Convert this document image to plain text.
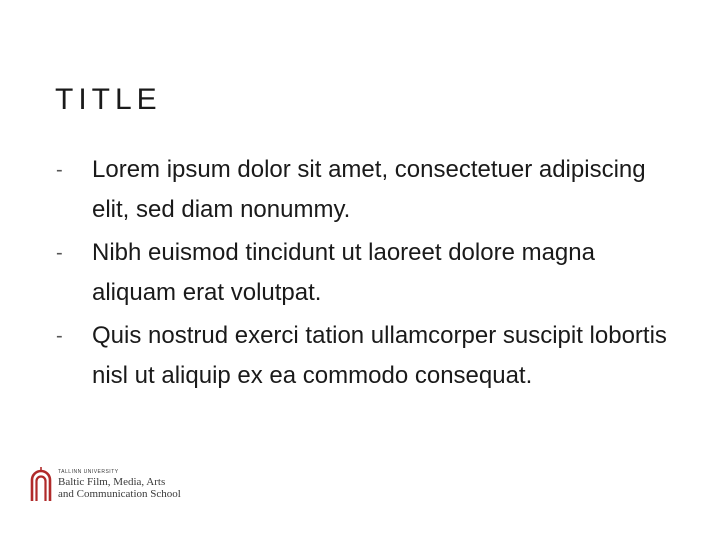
TITLE
-	Lorem ipsum dolor sit amet, consectetuer adipiscing elit, sed diam nonummy.
-	Nibh euismod tincidunt ut laoreet dolore magna aliquam erat volutpat.
-	Quis nostrud exerci tation ullamcorper suscipit lobortis nisl ut aliquip ex ea commodo consequat.
TALLINN UNIVERSITY
Baltic Film, Media, Arts
and Communication School
